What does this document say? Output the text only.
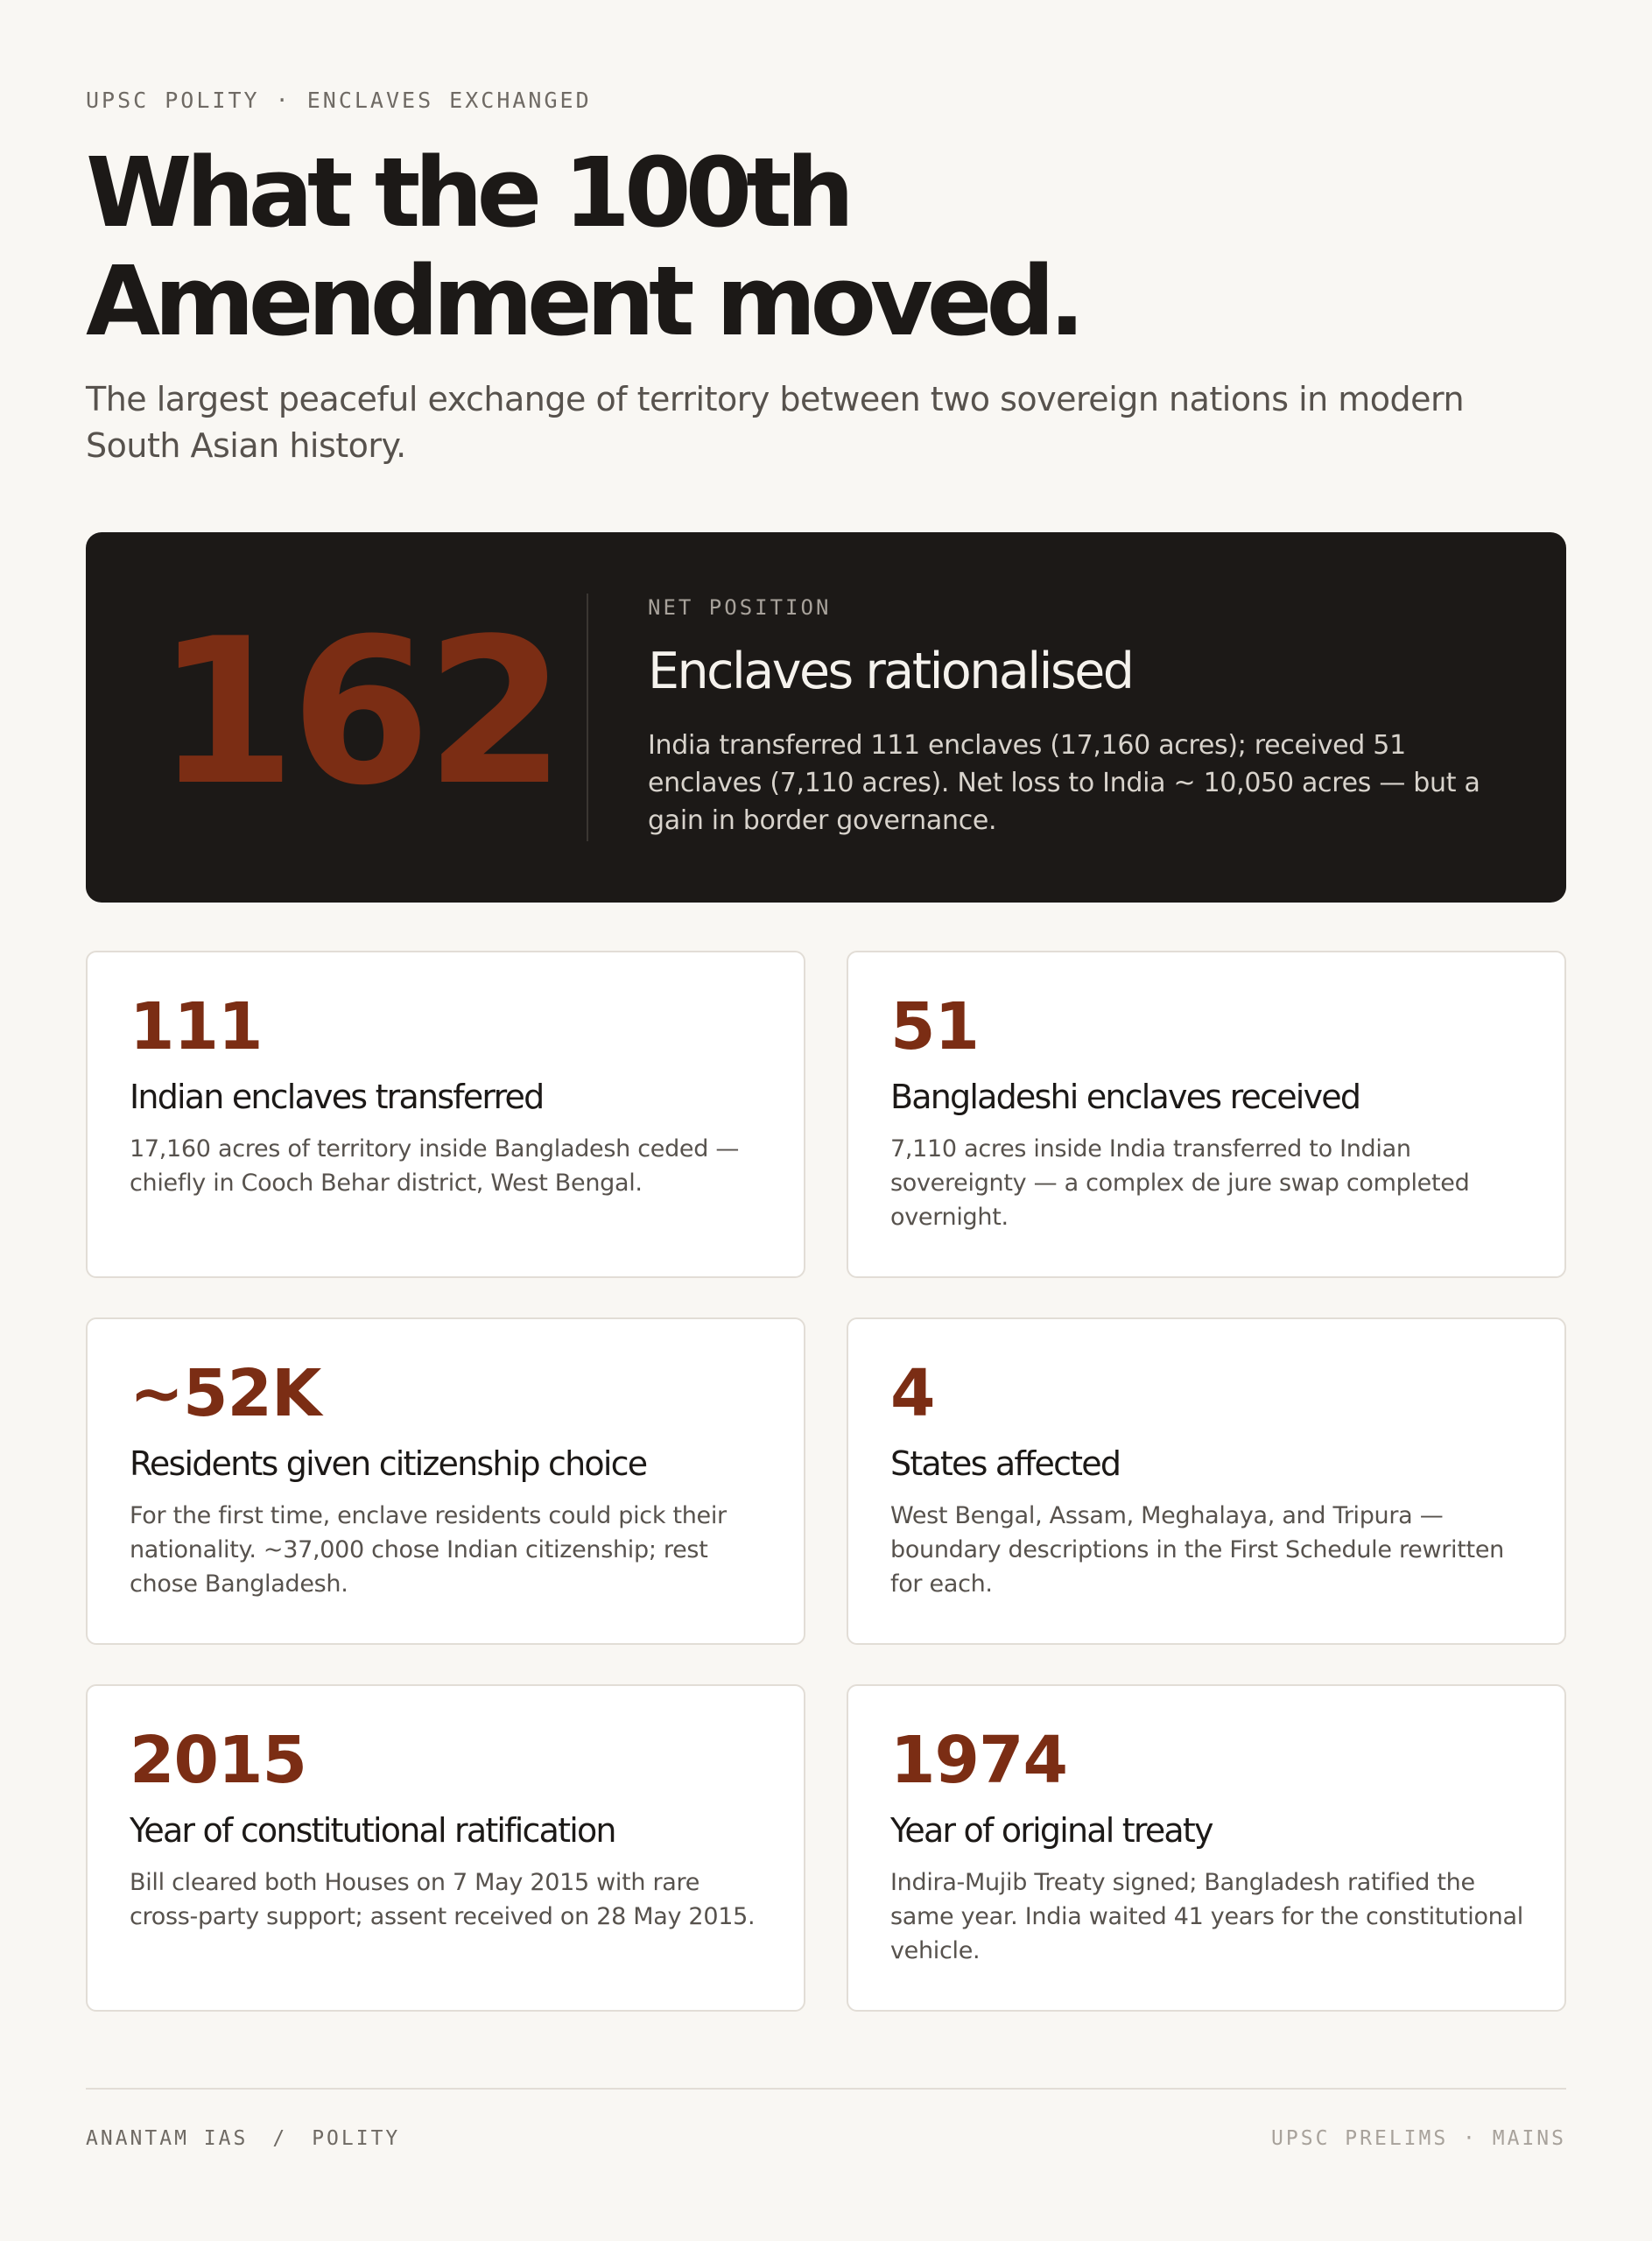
UPSC POLITY · ENCLAVES EXCHANGED
What the 100th
Amendment moved.

The largest peaceful exchange of territory between two sovereign nations in modern South Asian history.

162	NET POSITION
Enclaves rationalised

India transferred 111 enclaves (17,160 acres); received 51 enclaves (7,110 acres). Net loss to India ~ 10,050 acres — but a gain in border governance.

111
Indian enclaves transferred

17,160 acres of territory inside Bangladesh ceded — chiefly in Cooch Behar district, West Bengal.

51
Bangladeshi enclaves received

7,110 acres inside India transferred to Indian sovereignty — a complex de jure swap completed overnight.

~52K
Residents given citizenship choice

For the first time, enclave residents could pick their nationality. ~37,000 chose Indian citizenship; rest chose Bangladesh.

4
States affected

West Bengal, Assam, Meghalaya, and Tripura — boundary descriptions in the First Schedule rewritten for each.

2015
Year of constitutional ratification

Bill cleared both Houses on 7 May 2015 with rare cross-party support; assent received on 28 May 2015.

1974
Year of original treaty

Indira-Mujib Treaty signed; Bangladesh ratified the same year. India waited 41 years for the constitutional vehicle.

ANANTAM IAS / POLITY	UPSC PRELIMS · MAINS
